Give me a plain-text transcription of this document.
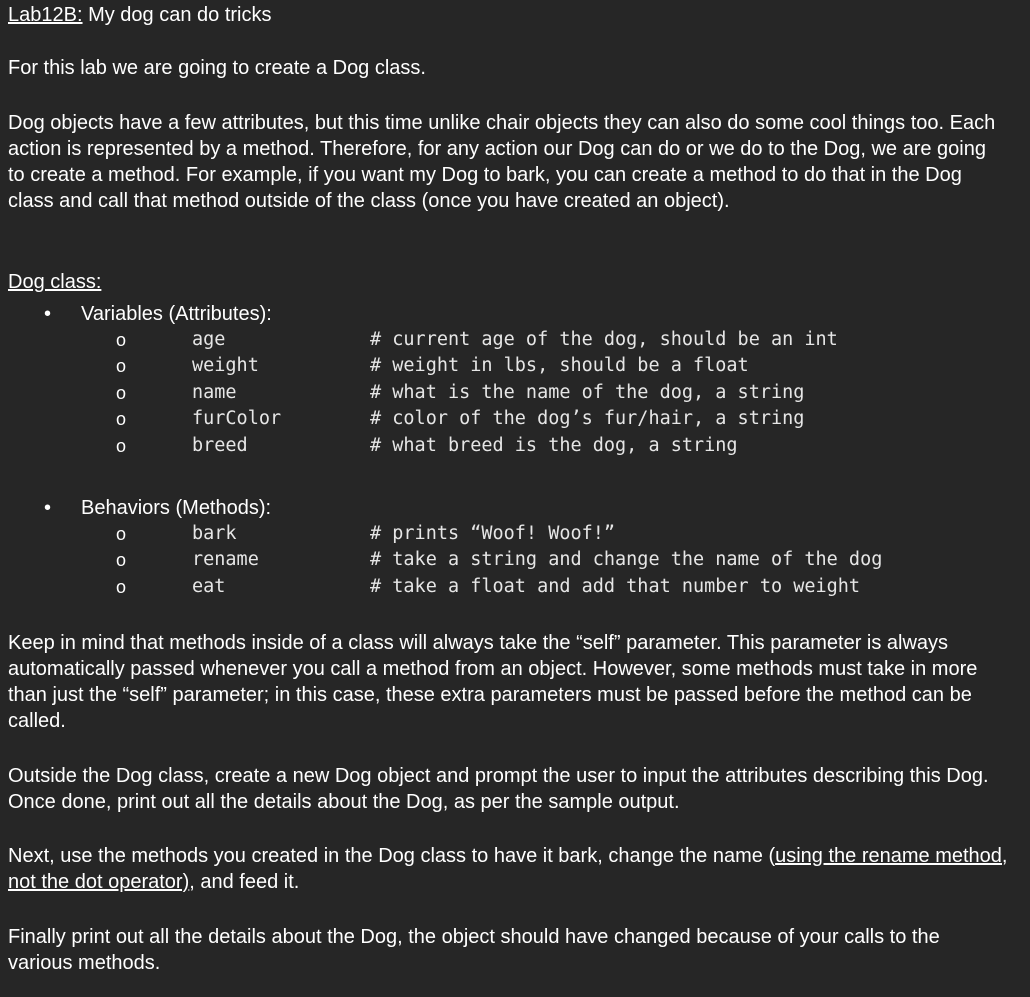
Lab12B: My dog can do tricks

For this lab we are going to create a Dog class.

Dog objects have a few attributes, but this time unlike chair objects they can also do some cool things too. Each action is represented by a method. Therefore, for any action our Dog can do or we do to the Dog, we are going to create a method. For example, if you want my Dog to bark, you can create a method to do that in the Dog class and call that method outside of the class (once you have created an object).

Dog class:
• Variables (Attributes):
o	age	# current age of the dog, should be an int
o	weight	# weight in lbs, should be a float
o	name	# what is the name of the dog, a string
o	furColor	# color of the dog’s fur/hair, a string
o	breed	# what breed is the dog, a string
• Behaviors (Methods):
o	bark	# prints “Woof! Woof!”
o	rename	# take a string and change the name of the dog
o	eat	# take a float and add that number to weight

Keep in mind that methods inside of a class will always take the “self” parameter. This parameter is always automatically passed whenever you call a method from an object. However, some methods must take in more than just the “self” parameter; in this case, these extra parameters must be passed before the method can be called.

Outside the Dog class, create a new Dog object and prompt the user to input the attributes describing this Dog. Once done, print out all the details about the Dog, as per the sample output.

Next, use the methods you created in the Dog class to have it bark, change the name (using the rename method, not the dot operator), and feed it.

Finally print out all the details about the Dog, the object should have changed because of your calls to the various methods.
